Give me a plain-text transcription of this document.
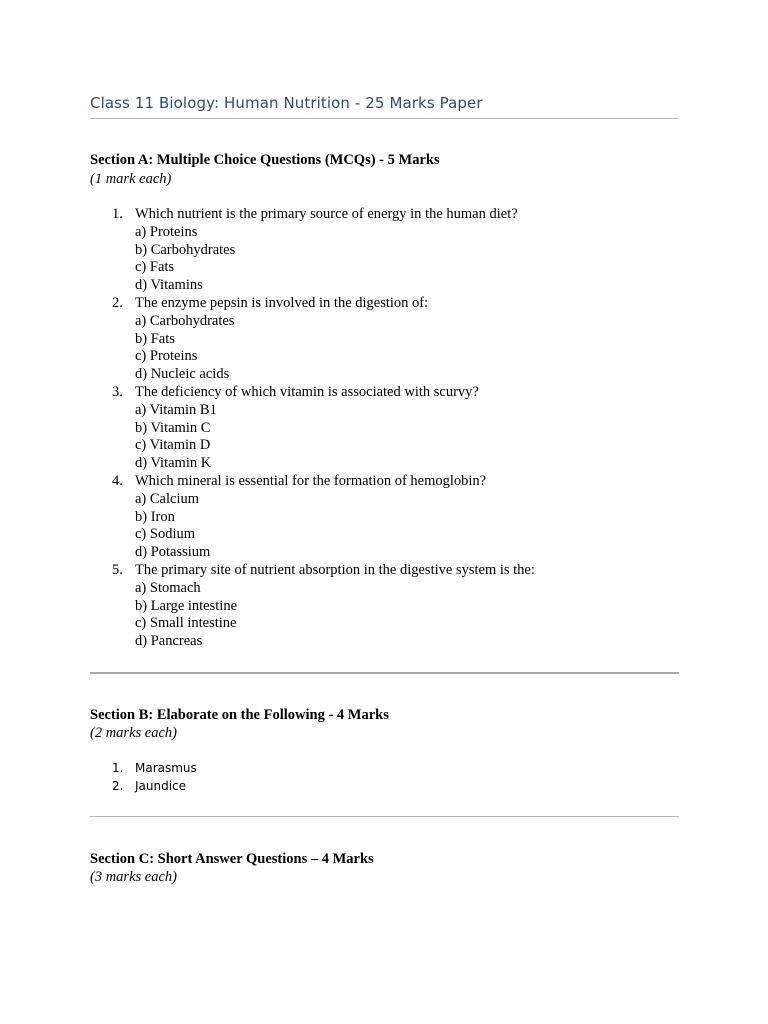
Class 11 Biology: Human Nutrition - 25 Marks Paper
Section A: Multiple Choice Questions (MCQs) - 5 Marks
(1 mark each)
1. Which nutrient is the primary source of energy in the human diet?
a) Proteins
b) Carbohydrates
c) Fats
d) Vitamins
2. The enzyme pepsin is involved in the digestion of:
a) Carbohydrates
b) Fats
c) Proteins
d) Nucleic acids
3. The deficiency of which vitamin is associated with scurvy?
a) Vitamin B1
b) Vitamin C
c) Vitamin D
d) Vitamin K
4. Which mineral is essential for the formation of hemoglobin?
a) Calcium
b) Iron
c) Sodium
d) Potassium
5. The primary site of nutrient absorption in the digestive system is the:
a) Stomach
b) Large intestine
c) Small intestine
d) Pancreas
Section B: Elaborate on the Following - 4 Marks
(2 marks each)
1. Marasmus
2. Jaundice
Section C: Short Answer Questions – 4 Marks
(3 marks each)
